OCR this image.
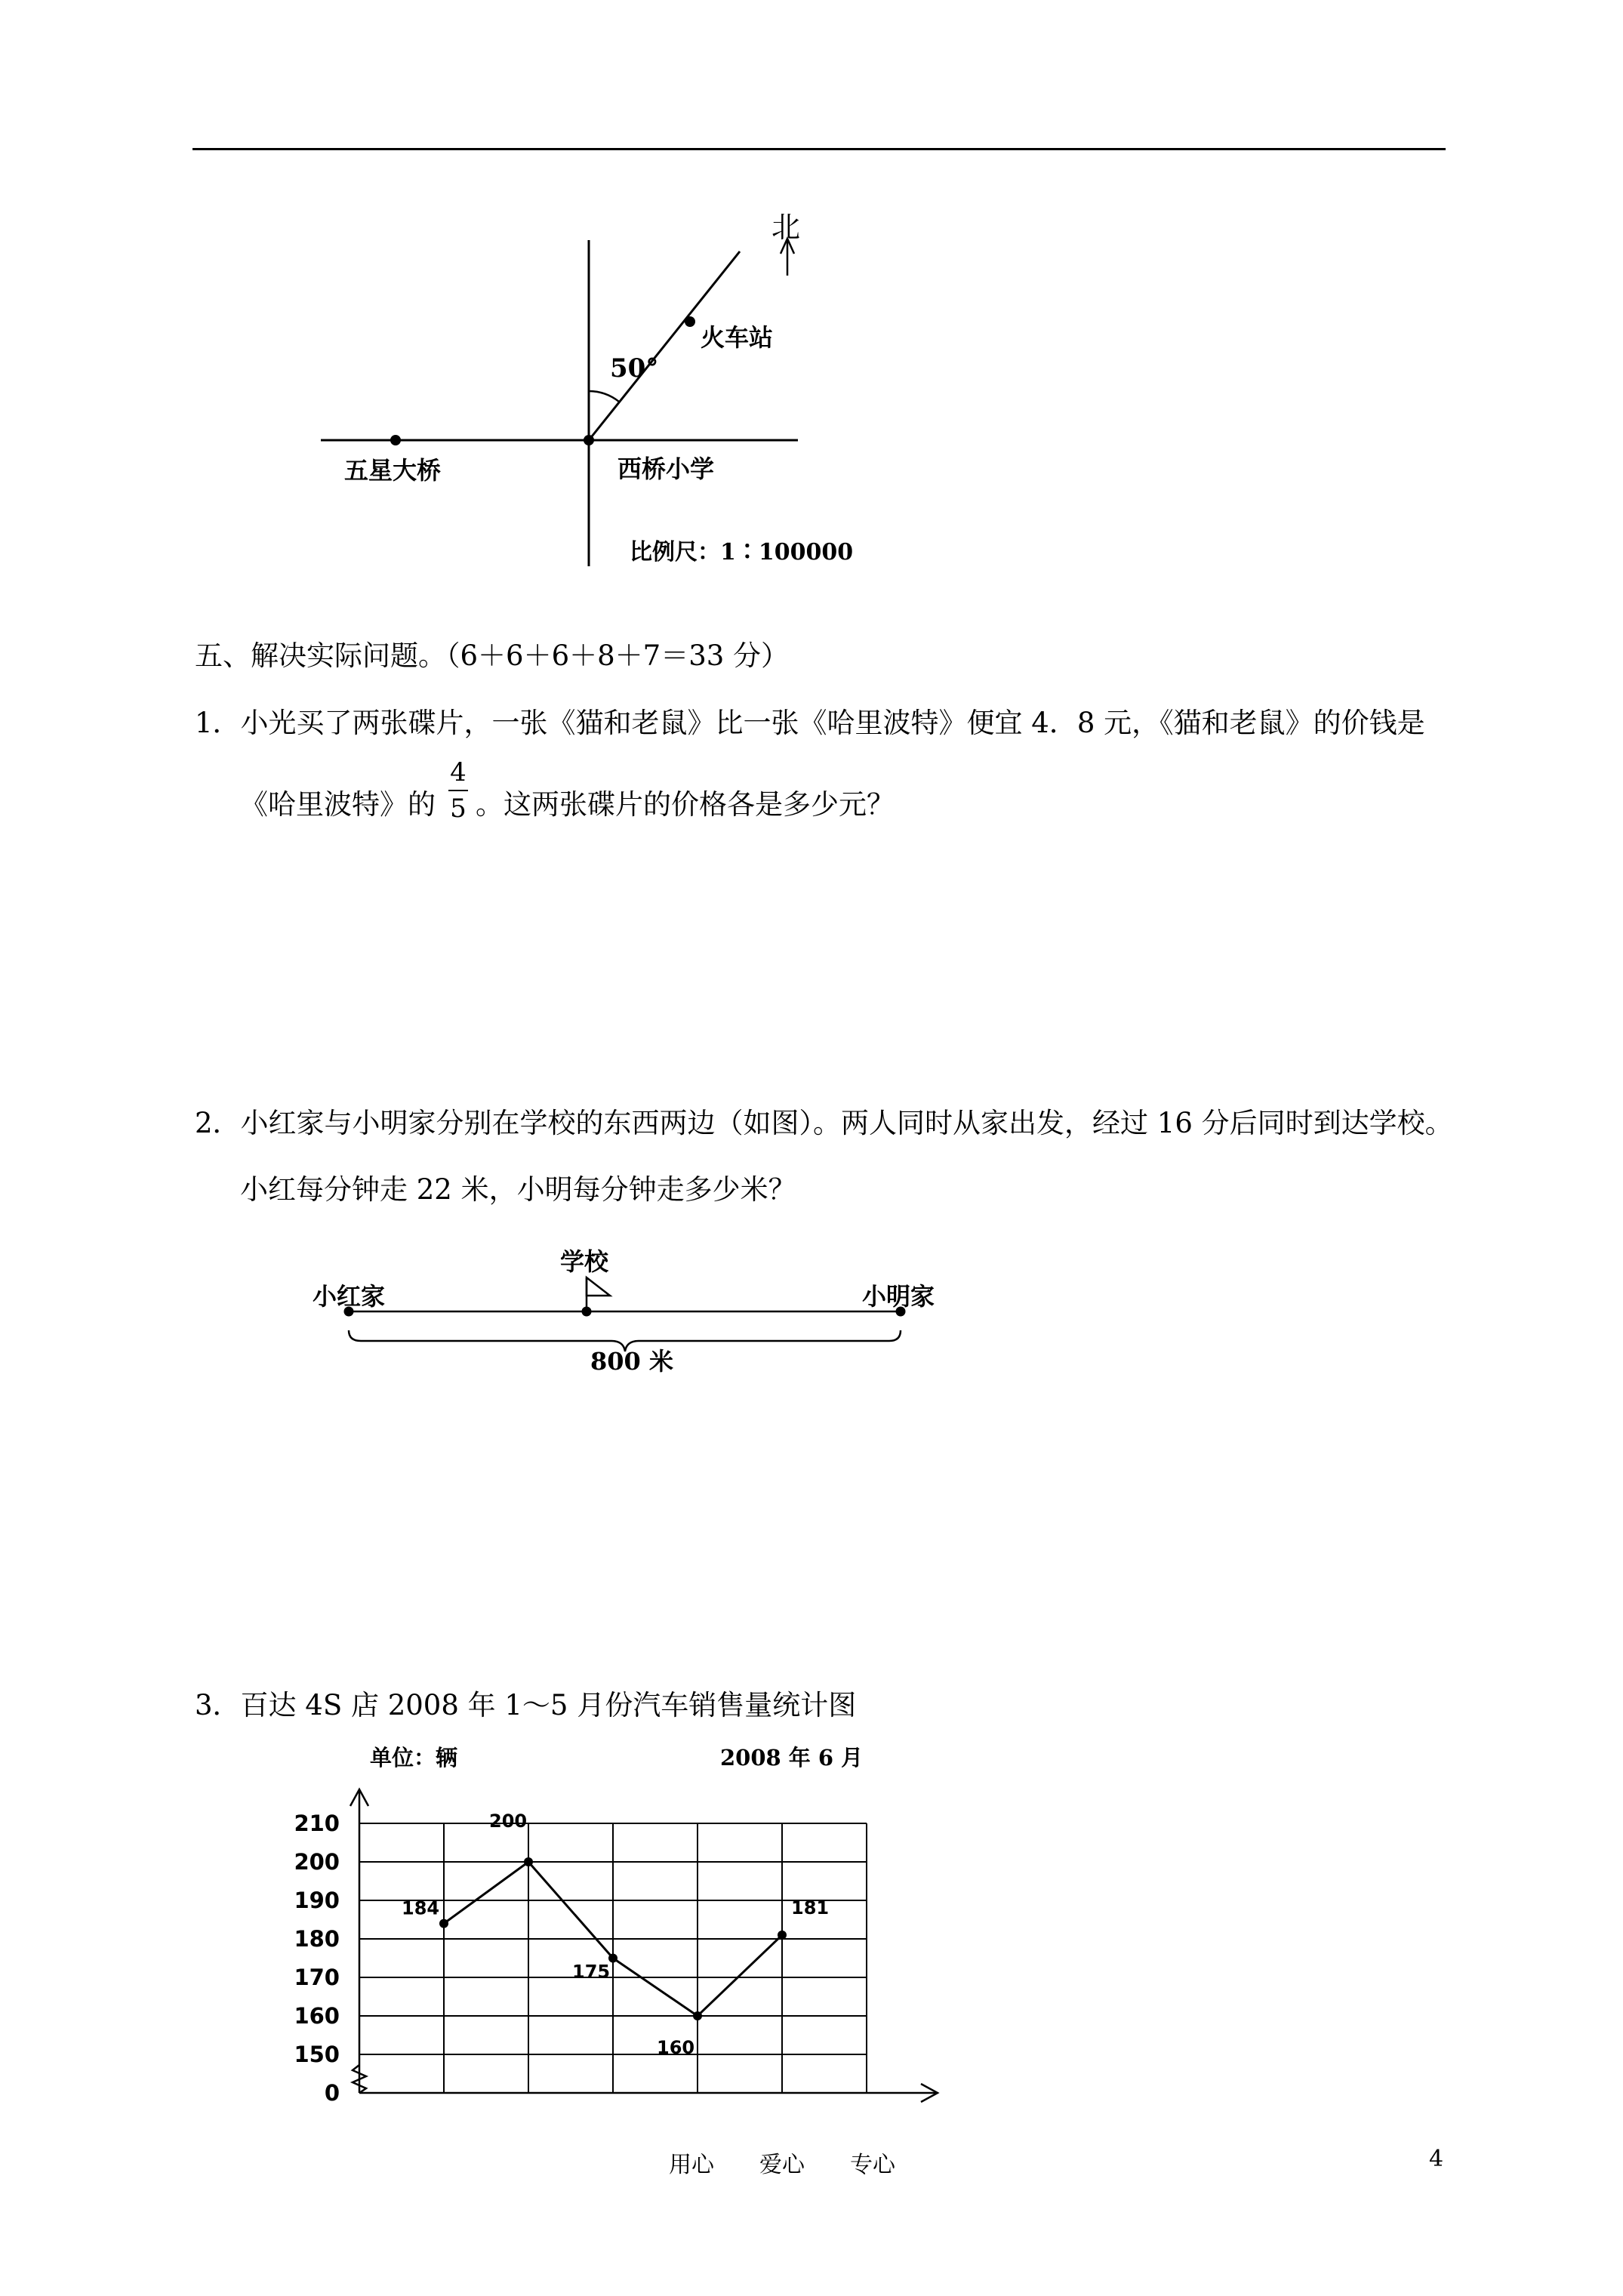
北
火车站
50°
五星大桥	西桥小学
比例尺：1∶100000
五、解决实际问题。（6＋6＋6＋8＋7＝33 分）
1．小光买了两张碟片，一张《猫和老鼠》比一张《哈里波特》便宜 4．8 元，《猫和老鼠》的价钱是
《哈里波特》的
4
5 。这两张碟片的价格各是多少元？
2．小红家与小明家分别在学校的东西两边（如图）。两人同时从家出发，经过 16 分后同时到达学校。
小红每分钟走 22 米，小明每分钟走多少米？
学校
小红家	小明家
800 米
3．百达 4S 店 2008 年 1～5 月份汽车销售量统计图
单位：辆	2008 年 6 月
210
200
190
180
170
160
150
0
184
200
175
160
181
用心　　爱心　　专心	4
